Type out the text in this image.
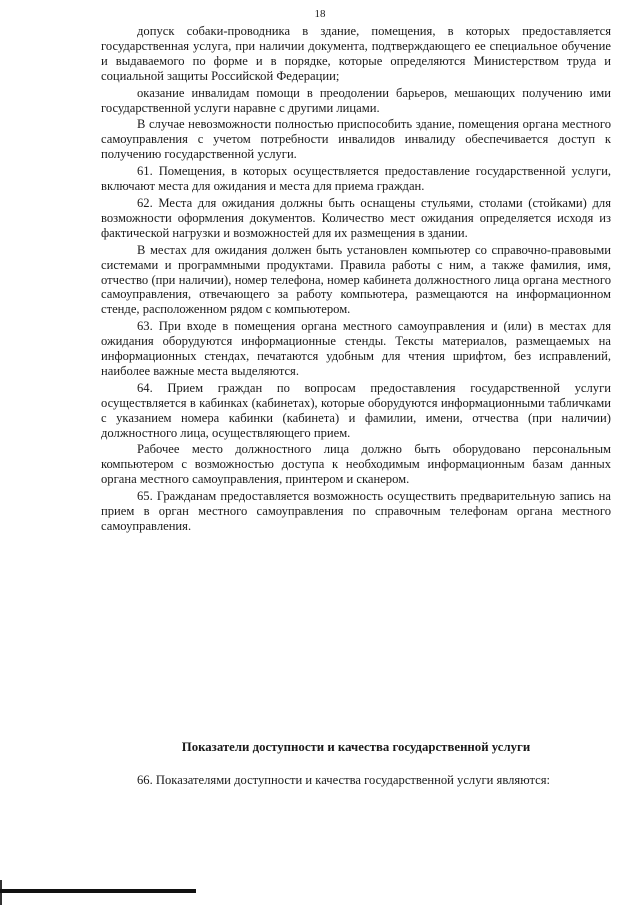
18

допуск собаки-проводника в здание, помещения, в которых предоставляется государственная услуга, при наличии документа, подтверждающего ее специальное обучение и выдаваемого по форме и в порядке, которые определяются Министерством труда и социальной защиты Российской Федерации;

оказание инвалидам помощи в преодолении барьеров, мешающих получению ими государственной услуги наравне с другими лицами.

В случае невозможности полностью приспособить здание, помещения органа местного самоуправления с учетом потребности инвалидов инвалиду обеспечивается доступ к получению государственной услуги.

61. Помещения, в которых осуществляется предоставление государственной услуги, включают места для ожидания и места для приема граждан.

62. Места для ожидания должны быть оснащены стульями, столами (стойками) для возможности оформления документов. Количество мест ожидания определяется исходя из фактической нагрузки и возможностей для их размещения в здании.

В местах для ожидания должен быть установлен компьютер со справочно-правовыми системами и программными продуктами. Правила работы с ним, а также фамилия, имя, отчество (при наличии), номер телефона, номер кабинета должностного лица органа местного самоуправления, отвечающего за работу компьютера, размещаются на информационном стенде, расположенном рядом с компьютером.

63. При входе в помещения органа местного самоуправления и (или) в местах для ожидания оборудуются информационные стенды. Тексты материалов, размещаемых на информационных стендах, печатаются удобным для чтения шрифтом, без исправлений, наиболее важные места выделяются.

64. Прием граждан по вопросам предоставления государственной услуги осуществляется в кабинках (кабинетах), которые оборудуются информационными табличками с указанием номера кабинки (кабинета) и фамилии, имени, отчества (при наличии) должностного лица, осуществляющего прием.

Рабочее место должностного лица должно быть оборудовано персональным компьютером с возможностью доступа к необходимым информационным базам данных органа местного самоуправления, принтером и сканером.

65. Гражданам предоставляется возможность осуществить предварительную запись на прием в орган местного самоуправления по справочным телефонам органа местного самоуправления.

Показатели доступности и качества государственной услуги

66. Показателями доступности и качества государственной услуги являются:
